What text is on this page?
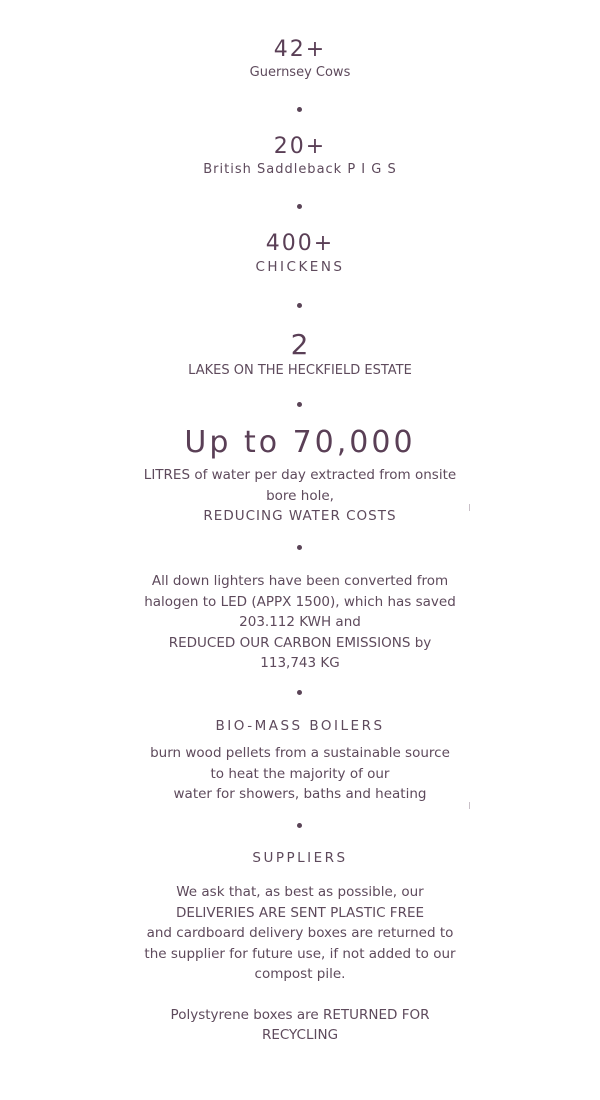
42+
Guernsey Cows
20+
British Saddleback P I G S
400+
CHICKENS
2
LAKES ON THE HECKFIELD ESTATE
Up to 70,000
LITRES of water per day extracted from onsite
bore hole,
REDUCING WATER COSTS
All down lighters have been converted from
halogen to LED (APPX 1500), which has saved
203.112 KWH and
REDUCED OUR CARBON EMISSIONS by
113,743 KG
BIO-MASS BOILERS
burn wood pellets from a sustainable source
to heat the majority of our
water for showers, baths and heating
SUPPLIERS
We ask that, as best as possible, our
DELIVERIES ARE SENT PLASTIC FREE
and cardboard delivery boxes are returned to
the supplier for future use, if not added to our
compost pile.
Polystyrene boxes are RETURNED FOR
RECYCLING
